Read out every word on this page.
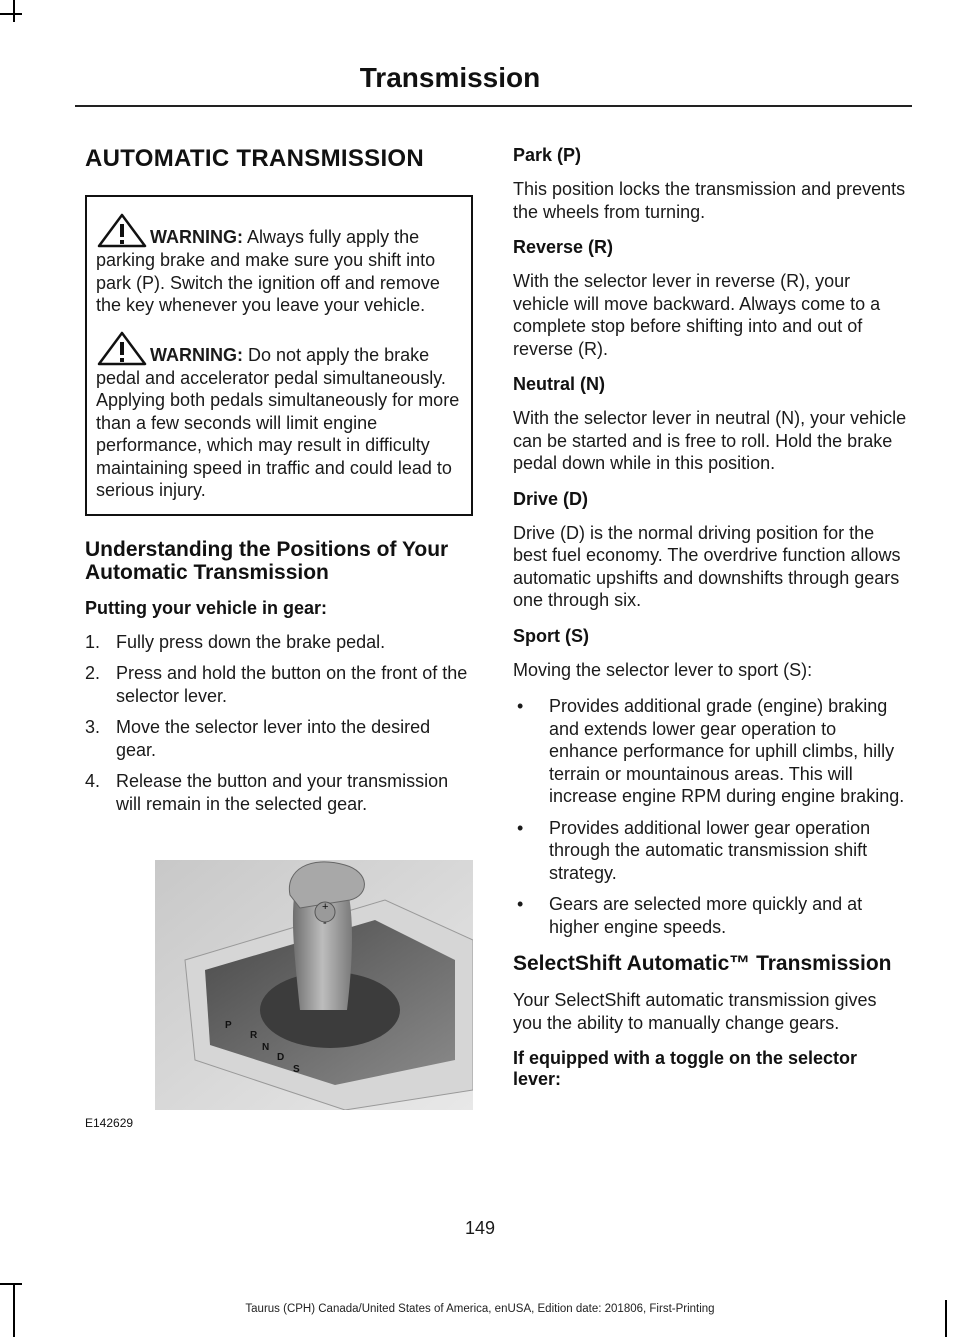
Transmission
AUTOMATIC TRANSMISSION

WARNING: Always fully apply the parking brake and make sure you shift into park (P). Switch the ignition off and remove the key whenever you leave your vehicle.

WARNING: Do not apply the brake pedal and accelerator pedal simultaneously. Applying both pedals simultaneously for more than a few seconds will limit engine performance, which may result in difficulty maintaining speed in traffic and could lead to serious injury.

Understanding the Positions of Your Automatic Transmission
Putting your vehicle in gear:
1. Fully press down the brake pedal.
2. Press and hold the button on the front of the selector lever.
3. Move the selector lever into the desired gear.
4. Release the button and your transmission will remain in the selected gear.
+
-
P
R
N
D
S
E142629
Park (P)

This position locks the transmission and prevents the wheels from turning.

Reverse (R)

With the selector lever in reverse (R), your vehicle will move backward. Always come to a complete stop before shifting into and out of reverse (R).

Neutral (N)

With the selector lever in neutral (N), your vehicle can be started and is free to roll. Hold the brake pedal down while in this position.

Drive (D)

Drive (D) is the normal driving position for the best fuel economy. The overdrive function allows automatic upshifts and downshifts through gears one through six.

Sport (S)

Moving the selector lever to sport (S):

• Provides additional grade (engine) braking and extends lower gear operation to enhance performance for uphill climbs, hilly terrain or mountainous areas. This will increase engine RPM during engine braking.
• Provides additional lower gear operation through the automatic transmission shift strategy.
• Gears are selected more quickly and at higher engine speeds.
SelectShift Automatic™ Transmission

Your SelectShift automatic transmission gives you the ability to manually change gears.

If equipped with a toggle on the selector lever:
149
Taurus (CPH) Canada/United States of America, enUSA, Edition date: 201806, First-Printing
